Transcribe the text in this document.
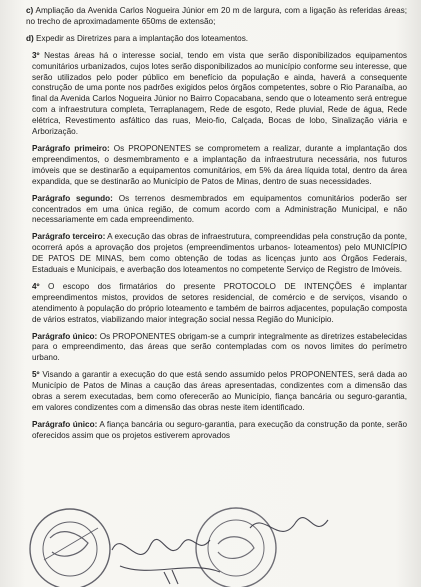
c) Ampliação da Avenida Carlos Nogueira Júnior em 20 m de largura, com a ligação às referidas áreas; no trecho de aproximadamente 650ms de extensão;

d) Expedir as Diretrizes para a implantação dos loteamentos.

3º Nestas áreas há o interesse social, tendo em vista que serão disponibilizados equipamentos comunitários urbanizados, cujos lotes serão disponibilizados ao município conforme seu interesse, que serão utilizados pelo poder público em benefício da população e ainda, haverá a consequente construção de uma ponte nos padrões exigidos pelos órgãos competentes, sobre o Rio Paranaíba, ao final da Avenida Carlos Nogueira Júnior no Bairro Copacabana, sendo que o loteamento será entregue com a infraestrutura completa, Terraplanagem, Rede de esgoto, Rede pluvial, Rede de água, Rede elétrica, Revestimento asfáltico das ruas, Meio-fio, Calçada, Bocas de lobo, Sinalização viária e Arborização.

Parágrafo primeiro: Os PROPONENTES se comprometem a realizar, durante a implantação dos empreendimentos, o desmembramento e a implantação da infraestrutura necessária, nos futuros imóveis que se destinarão a equipamentos comunitários, em 5% da área líquida total, dentro da área expandida, que se destinarão ao Município de Patos de Minas, dentro de suas necessidades.

Parágrafo segundo: Os terrenos desmembrados em equipamentos comunitários poderão ser concentrados em uma única região, de comum acordo com a Administração Municipal, e não necessariamente em cada empreendimento.

Parágrafo terceiro: A execução das obras de infraestrutura, compreendidas pela construção da ponte, ocorrerá após a aprovação dos projetos (empreendimentos urbanos- loteamentos) pelo MUNICÍPIO DE PATOS DE MINAS, bem como obtenção de todas as licenças junto aos Órgãos Federais, Estaduais e Municipais, e averbação dos loteamentos no competente Serviço de Registro de Imóveis.

4º O escopo dos firmatários do presente PROTOCOLO DE INTENÇÕES é implantar empreendimentos mistos, providos de setores residencial, de comércio e de serviços, visando o atendimento à população do próprio loteamento e também de bairros adjacentes, população composta de vários estratos, viabilizando maior integração social nessa Região do Município.

Parágrafo único: Os PROPONENTES obrigam-se a cumprir integralmente as diretrizes estabelecidas para o empreendimento, das áreas que serão contempladas com os novos limites do perímetro urbano.

5º Visando a garantir a execução do que está sendo assumido pelos PROPONENTES, será dada ao Município de Patos de Minas a caução das áreas apresentadas, condizentes com a dimensão das obras a serem executadas, bem como oferecerão ao Município, fiança bancária ou seguro-garantia, em valores condizentes com a dimensão das obras neste item identificado.

Parágrafo único: A fiança bancária ou seguro-garantia, para execução da construção da ponte, serão oferecidos assim que os projetos estiverem aprovados
